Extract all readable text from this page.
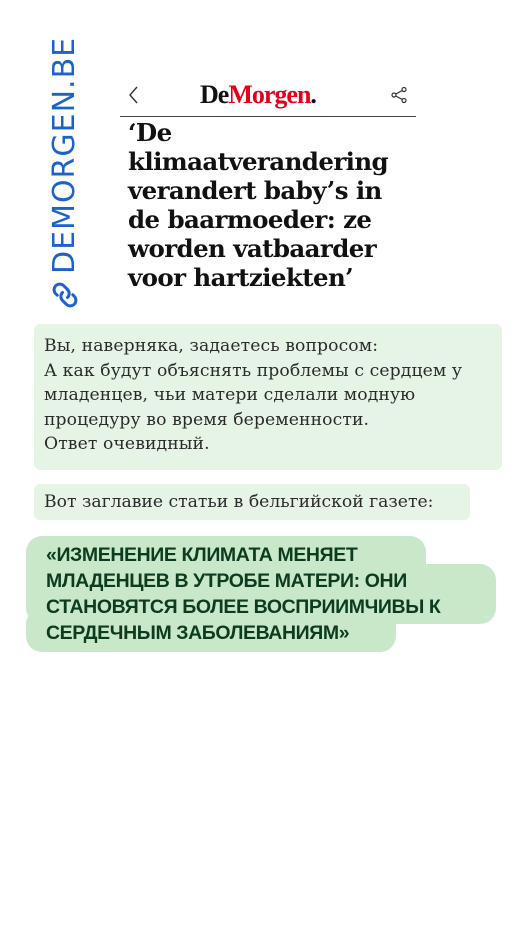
DEMORGEN.BE	DeMorgen.
‘De
klimaatverandering
verandert baby’s in
de baarmoeder: ze
worden vatbaarder
voor hartziekten’
Вы, наверняка, задаетесь вопросом:
А как будут объяснять проблемы с сердцем у
младенцев, чьи матери сделали модную
процедуру во время беременности.
Ответ очевидный.
Вот заглавие статьи в бельгийской газете:
«ИЗМЕНЕНИЕ КЛИМАТА МЕНЯЕТ
МЛАДЕНЦЕВ В УТРОБЕ МАТЕРИ: ОНИ
СТАНОВЯТСЯ БОЛЕЕ ВОСПРИИМЧИВЫ К
СЕРДЕЧНЫМ ЗАБОЛЕВАНИЯМ»
